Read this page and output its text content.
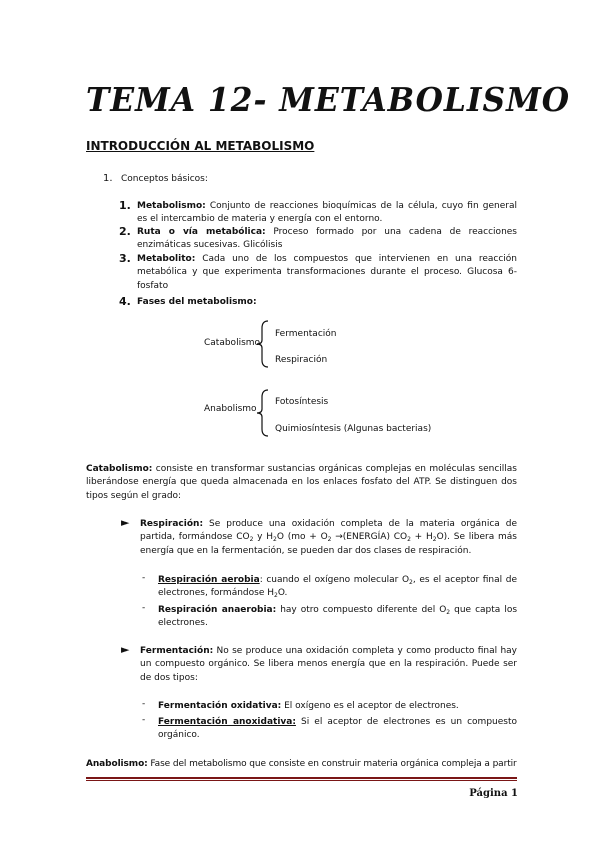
TEMA 12- METABOLISMO
INTRODUCCIÓN AL METABOLISMO
1. Conceptos básicos:
1. Metabolismo: Conjunto de reacciones bioquímicas de la célula, cuyo fin general es el intercambio de materia y energía con el entorno.
2. Ruta o vía metabólica: Proceso formado por una cadena de reacciones enzimáticas sucesivas. Glicólisis
3. Metabolito: Cada uno de los compuestos que intervienen en una reacción metabólica y que experimenta transformaciones durante el proceso. Glucosa 6-fosfato
4. Fases del metabolismo:
Catabolismo
Fermentación
Respiración
Anabolismo
Fotosíntesis
Quimiosíntesis (Algunas bacterias)
Catabolismo: consiste en transformar sustancias orgánicas complejas en moléculas sencillas liberándose energía que queda almacenada en los enlaces fosfato del ATP. Se distinguen dos tipos según el grado:
► Respiración: Se produce una oxidación completa de la materia orgánica de partida, formándose $CO_2$ y $H_2O$ ($mo + O_2$ →(ENERGÍA) $CO_2 + H_2O$). Se libera más energía que en la fermentación, se pueden dar dos clases de respiración.
- Respiración aerobia: cuando el oxígeno molecular $O_2$, es el aceptor final de electrones, formándose $H_2O$.
- Respiración anaerobia: hay otro compuesto diferente del $O_2$ que capta los electrones.
► Fermentación: No se produce una oxidación completa y como producto final hay un compuesto orgánico. Se libera menos energía que en la respiración. Puede ser de dos tipos:
- Fermentación oxidativa: El oxígeno es el aceptor de electrones.
- Fermentación anoxidativa: Si el aceptor de electrones es un compuesto orgánico.
Anabolismo: Fase del metabolismo que consiste en construir materia orgánica compleja a partir
Página 1
